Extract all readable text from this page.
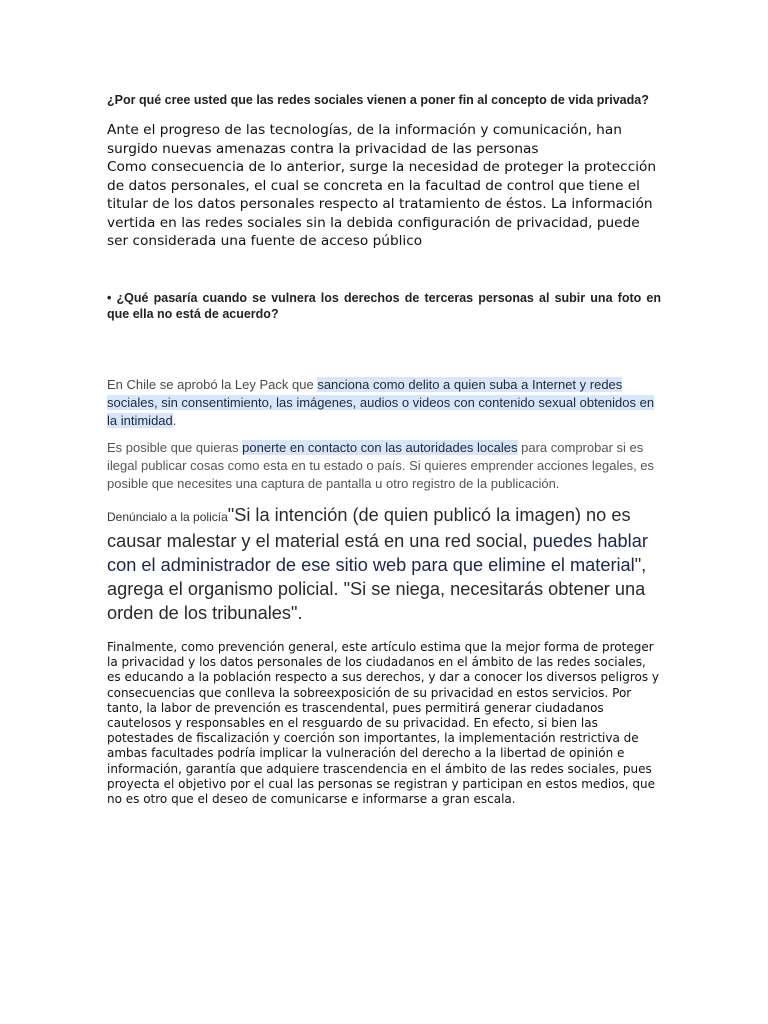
¿Por qué cree usted que las redes sociales vienen a poner fin al concepto de vida privada?
Ante el progreso de las tecnologías, de la información y comunicación, han surgido nuevas amenazas contra la privacidad de las personas
Como consecuencia de lo anterior, surge la necesidad de proteger la protección de datos personales, el cual se concreta en la facultad de control que tiene el titular de los datos personales respecto al tratamiento de éstos. La información vertida en las redes sociales sin la debida configuración de privacidad, puede ser considerada una fuente de acceso público
• ¿Qué pasaría cuando se vulnera los derechos de terceras personas al subir una foto en que ella no está de acuerdo?
En Chile se aprobó la Ley Pack que sanciona como delito a quien suba a Internet y redes sociales, sin consentimiento, las imágenes, audios o videos con contenido sexual obtenidos en la intimidad.
Es posible que quieras ponerte en contacto con las autoridades locales para comprobar si es ilegal publicar cosas como esta en tu estado o país. Si quieres emprender acciones legales, es posible que necesites una captura de pantalla u otro registro de la publicación.
Denúncialo a la policía"Si la intención (de quien publicó la imagen) no es causar malestar y el material está en una red social, puedes hablar con el administrador de ese sitio web para que elimine el material", agrega el organismo policial. "Si se niega, necesitarás obtener una orden de los tribunales".
Finalmente, como prevención general, este artículo estima que la mejor forma de proteger la privacidad y los datos personales de los ciudadanos en el ámbito de las redes sociales, es educando a la población respecto a sus derechos, y dar a conocer los diversos peligros y consecuencias que conlleva la sobreexposición de su privacidad en estos servicios. Por tanto, la labor de prevención es trascendental, pues permitirá generar ciudadanos cautelosos y responsables en el resguardo de su privacidad. En efecto, si bien las potestades de fiscalización y coerción son importantes, la implementación restrictiva de ambas facultades podría implicar la vulneración del derecho a la libertad de opinión e información, garantía que adquiere trascendencia en el ámbito de las redes sociales, pues proyecta el objetivo por el cual las personas se registran y participan en estos medios, que no es otro que el deseo de comunicarse e informarse a gran escala.
